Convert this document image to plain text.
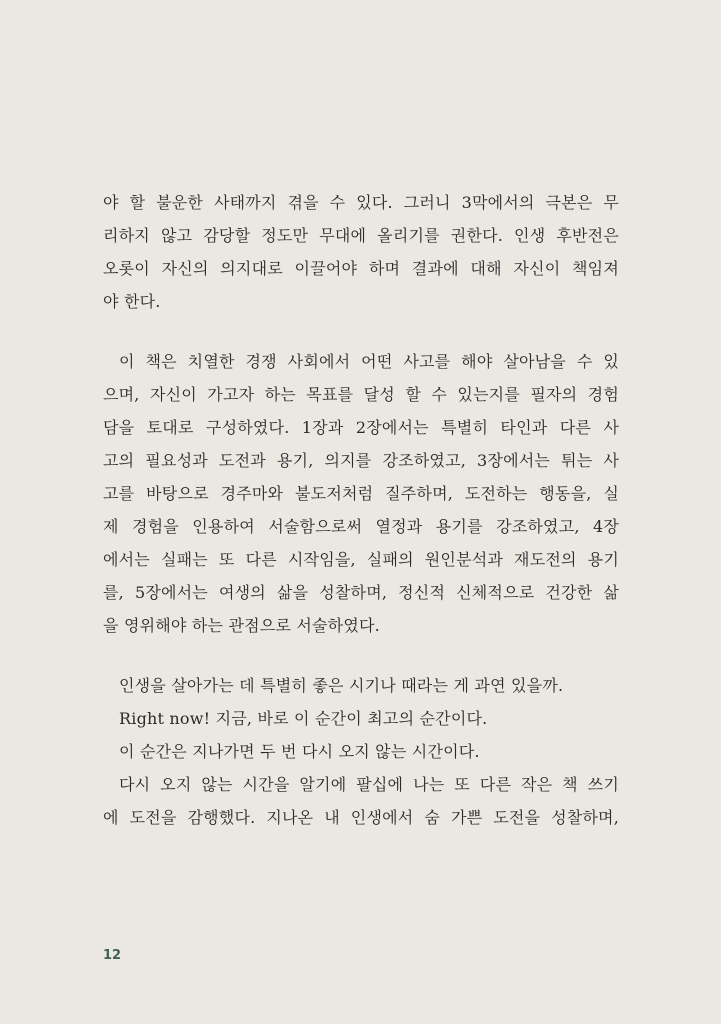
야 할 불운한 사태까지 겪을 수 있다. 그러니 3막에서의 극본은 무
리하지 않고 감당할 정도만 무대에 올리기를 권한다. 인생 후반전은
오롯이 자신의 의지대로 이끌어야 하며 결과에 대해 자신이 책임져
야 한다.
이 책은 치열한 경쟁 사회에서 어떤 사고를 해야 살아남을 수 있
으며, 자신이 가고자 하는 목표를 달성 할 수 있는지를 필자의 경험
담을 토대로 구성하였다. 1장과 2장에서는 특별히 타인과 다른 사
고의 필요성과 도전과 용기, 의지를 강조하였고, 3장에서는 튀는 사
고를 바탕으로 경주마와 불도저처럼 질주하며, 도전하는 행동을, 실
제 경험을 인용하여 서술함으로써 열정과 용기를 강조하였고, 4장
에서는 실패는 또 다른 시작임을, 실패의 원인분석과 재도전의 용기
를, 5장에서는 여생의 삶을 성찰하며, 정신적 신체적으로 건강한 삶
을 영위해야 하는 관점으로 서술하였다.
인생을 살아가는 데 특별히 좋은 시기나 때라는 게 과연 있을까.
Right now! 지금, 바로 이 순간이 최고의 순간이다.
이 순간은 지나가면 두 번 다시 오지 않는 시간이다.
다시 오지 않는 시간을 알기에 팔십에 나는 또 다른 작은 책 쓰기
에 도전을 감행했다. 지나온 내 인생에서 숨 가쁜 도전을 성찰하며,
12
